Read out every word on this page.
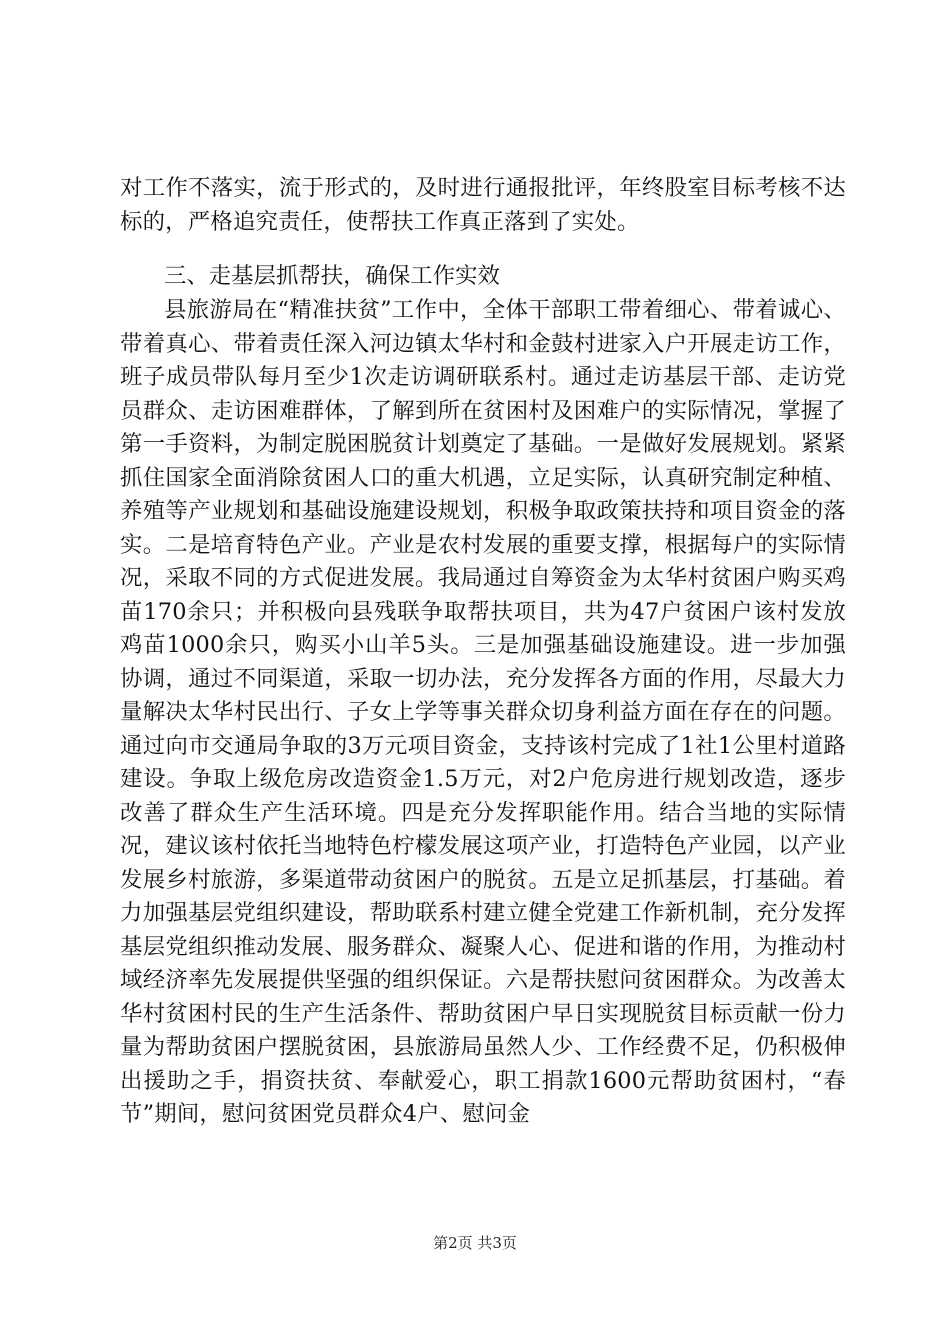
对工作不落实，流于形式的，及时进行通报批评，年终股室目标考核不达标的，严格追究责任，使帮扶工作真正落到了实处。

三、走基层抓帮扶，确保工作实效

县旅游局在“精准扶贫”工作中，全体干部职工带着细心、带着诚心、带着真心、带着责任深入河边镇太华村和金鼓村进家入户开展走访工作，班子成员带队每月至少1次走访调研联系村。通过走访基层干部、走访党员群众、走访困难群体，了解到所在贫困村及困难户的实际情况，掌握了第一手资料，为制定脱困脱贫计划奠定了基础。一是做好发展规划。紧紧抓住国家全面消除贫困人口的重大机遇，立足实际，认真研究制定种植、养殖等产业规划和基础设施建设规划，积极争取政策扶持和项目资金的落实。二是培育特色产业。产业是农村发展的重要支撑，根据每户的实际情况，采取不同的方式促进发展。我局通过自筹资金为太华村贫困户购买鸡苗170余只；并积极向县残联争取帮扶项目，共为47户贫困户该村发放鸡苗1000余只，购买小山羊5头。三是加强基础设施建设。进一步加强协调，通过不同渠道，采取一切办法，充分发挥各方面的作用，尽最大力量解决太华村民出行、子女上学等事关群众切身利益方面在存在的问题。通过向市交通局争取的3万元项目资金，支持该村完成了1社1公里村道路建设。争取上级危房改造资金1.5万元，对2户危房进行规划改造，逐步改善了群众生产生活环境。四是充分发挥职能作用。结合当地的实际情况，建议该村依托当地特色柠檬发展这项产业，打造特色产业园，以产业发展乡村旅游，多渠道带动贫困户的脱贫。五是立足抓基层，打基础。着力加强基层党组织建设，帮助联系村建立健全党建工作新机制，充分发挥基层党组织推动发展、服务群众、凝聚人心、促进和谐的作用，为推动村域经济率先发展提供坚强的组织保证。六是帮扶慰问贫困群众。为改善太华村贫困村民的生产生活条件、帮助贫困户早日实现脱贫目标贡献一份力量为帮助贫困户摆脱贫困，县旅游局虽然人少、工作经费不足，仍积极伸出援助之手，捐资扶贫、奉献爱心，职工捐款1600元帮助贫困村，“春节”期间，慰问贫困党员群众4户、慰问金

第2页 共3页
